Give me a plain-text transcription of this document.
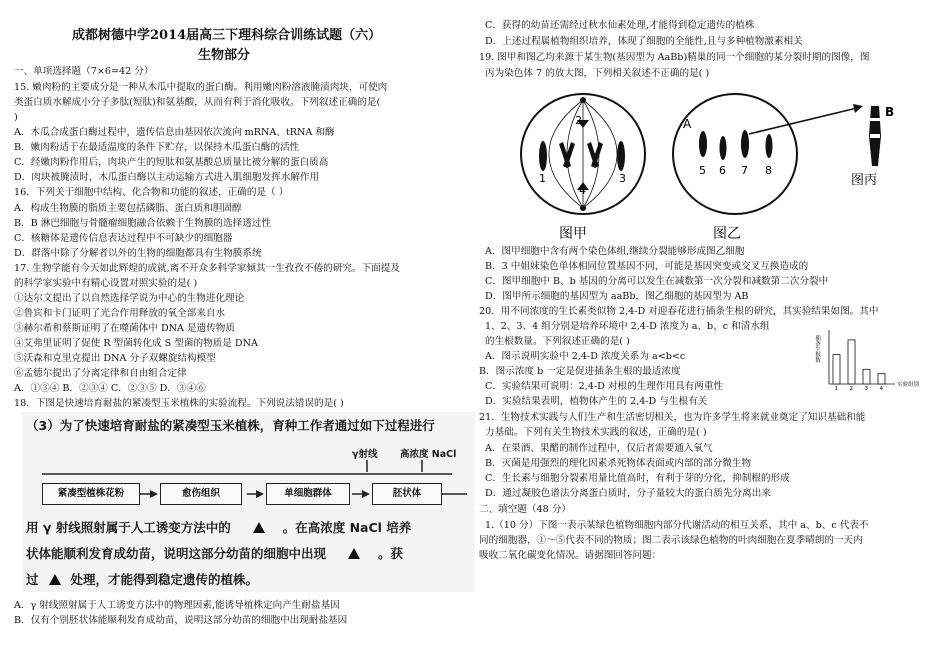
成都树德中学2014届高三下理科综合训练试题（六）
生物部分
一、单项选择题（7×6=42 分）
15. 嫩肉粉的主要成分是一种从木瓜中提取的蛋白酶。利用嫩肉粉溶液腌渍肉块，可使肉
类蛋白质水解成小分子多肽(短肽)和氨基酸，从而有利于消化吸收。下列叙述正确的是(
)
A．木瓜合成蛋白酶过程中，遗传信息由基因依次流向 mRNA、tRNA 和酶
B．嫩肉粉适于在最适温度的条件下贮存，以保持木瓜蛋白酶的活性
C．经嫩肉粉作用后，肉块产生的短肽和氨基酸总质量比被分解的蛋白质高
D．肉块被腌渍时，木瓜蛋白酶以主动运输方式进入肌细胞发挥水解作用
16．下列关于细胞中结构、化合物和功能的叙述，正确的是（ ）
A．构成生物膜的脂质主要包括磷脂、蛋白质和胆固醇
B．B 淋巴细胞与骨髓瘤细胞融合依赖于生物膜的选择透过性
C．核糖体是遗传信息表达过程中不可缺少的细胞器
D．群落中除了分解者以外的生物的细胞都具有生物膜系统
17. 生物学能有今天如此辉煌的成就,离不开众多科学家倾其一生孜孜不倦的研究。下面提及
的科学家实验中有精心设置对照实验的是( )
①达尔文提出了以自然选择学说为中心的生物进化理论
②鲁宾和卡门证明了光合作用释放的氧全部来自水
③赫尔希和蔡斯证明了在噬菌体中 DNA 是遗传物质
④艾弗里证明了促使 R 型菌转化成 S 型菌的物质是 DNA
⑤沃森和克里克提出 DNA 分子双螺旋结构模型
⑥孟德尔提出了分离定律和自由组合定律
A．①③④ B．②③④ C．②③⑤ D．③④⑥
18．下图是快速培育耐盐的紧凑型玉米植株的实验流程。下列说法错误的是( )
A．γ 射线照射属于人工诱变方法中的物理因素,能诱导植株定向产生耐盐基因
B．仅有个别胚状体能顺利发育成幼苗，说明这部分幼苗的细胞中出现耐盐基因
（3）为了快速培育耐盐的紧凑型玉米植株，育种工作者通过如下过程进行
γ射线 高浓度 NaCl
紧凑型植株花粉	愈伤组织	单细胞群体	胚状体
用 γ 射线照射属于人工诱变方法中的	。在高浓度 NaCl 培养
状体能顺利发育成幼苗，说明这部分幼苗的细胞中出现	。获
过	处理，才能得到稳定遗传的植株。
C．获得的幼苗还需经过秋水仙素处理,才能得到稳定遗传的植株
D．上述过程属植物组织培养，体现了细胞的全能性,且与多种植物激素相关
19. 图甲和图乙均来源于某生物(基因型为 AaBb)精巢的同一个细胞的某分裂时期的图像，图
丙为染色体 7 的放大图，下列相关叙述不正确的是( )
1
2
3
4
图甲
A
5 6 7 8
图乙
B
图丙
A．图甲细胞中含有两个染色体组,继续分裂能够形成图乙细胞
B．3 中姐妹染色单体相同位置基因不同，可能是基因突变或交叉互换造成的
C．图甲细胞中 B、b 基因的分离可以发生在减数第一次分裂和减数第二次分裂中
D．图甲所示细胞的基因型为 aaBb，图乙细胞的基因型为 AB
20．用不同浓度的生长素类似物 2,4-D 对迎春花进行插条生根的研究，其实验结果如图。其中
1、2、3、4 组分别是培养环境中 2,4-D 浓度为 a、b、c 和清水组
的生根数量。下列叙述正确的是( )
A．图示说明实验中 2,4-D 浓度关系为 a<b<c
B．图示浓度 b 一定是促进插条生根的最适浓度
C．实验结果可说明：2,4-D 对根的生理作用具有两重性
D．实验结果表明，植物体产生的 2,4-D 与生根有关
21．生物技术实践与人们生产和生活密切相关，也为许多学生将来就业奠定了知识基础和能
力基础。下列有关生物技术实践的叙述，正确的是( )
A．在果酒、果醋的制作过程中，仅后者需要通入氧气
B．灭菌是用强烈的理化因素杀死物体表面或内部的部分微生物
C．生长素与细胞分裂素用量比值高时，有利于芽的分化，抑制根的形成
D．通过凝胶色谱法分离蛋白质时，分子量较大的蛋白质先分离出来
二、填空题（48 分）
1.（10 分）下图一表示某绿色植物细胞内部分代谢活动的相互关系，其中 a、b、c 代表不
同的细胞器，①～⑤代表不同的物质；图二表示该绿色植物的叶肉细胞在夏季晴朗的一天内
吸收二氧化碳变化情况。请据图回答问题：
插条生根数
1 2 3 4
实验组别
